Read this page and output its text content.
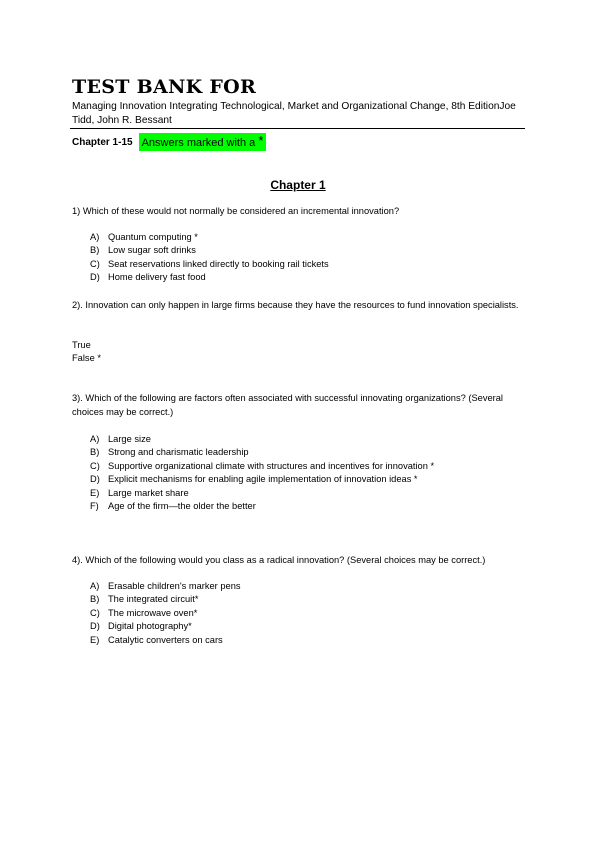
TEST BANK FOR

Managing Innovation Integrating Technological, Market and Organizational Change, 8th EditionJoe Tidd, John R. Bessant

Chapter 1-15 Answers marked with a *
Chapter 1

1) Which of these would not normally be considered an incremental innovation?

A) Quantum computing *
B) Low sugar soft drinks
C) Seat reservations linked directly to booking rail tickets
D) Home delivery fast food

2). Innovation can only happen in large firms because they have the resources to fund innovation specialists.

True

False *

3). Which of the following are factors often associated with successful innovating organizations? (Several choices may be correct.)

A) Large size
B) Strong and charismatic leadership
C) Supportive organizational climate with structures and incentives for innovation *
D) Explicit mechanisms for enabling agile implementation of innovation ideas *
E) Large market share
F) Age of the firm—the older the better

4). Which of the following would you class as a radical innovation? (Several choices may be correct.)

A) Erasable children's marker pens
B) The integrated circuit*
C) The microwave oven*
D) Digital photography*
E) Catalytic converters on cars
